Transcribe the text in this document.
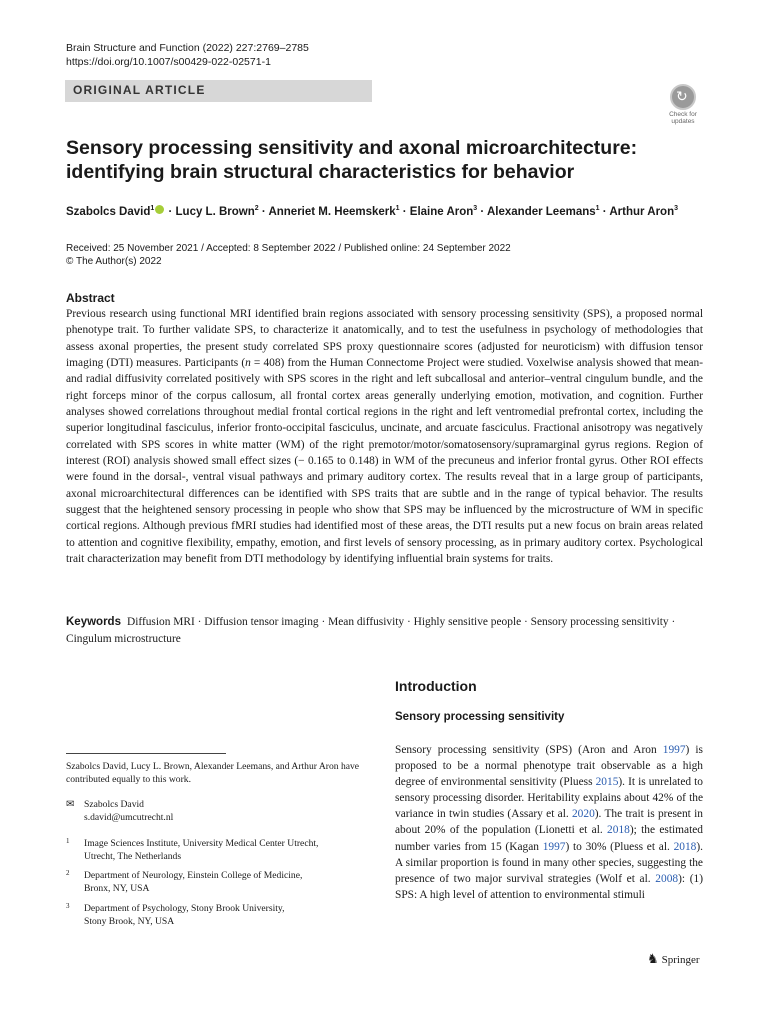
Brain Structure and Function (2022) 227:2769–2785
https://doi.org/10.1007/s00429-022-02571-1
ORIGINAL ARTICLE	↻
Check for
updates
Sensory processing sensitivity and axonal microarchitecture:
identifying brain structural characteristics for behavior
Szabolcs David$^1$ · Lucy L. Brown$^2$ · Anneriet M. Heemskerk$^1$ · Elaine Aron$^3$ · Alexander Leemans$^1$ · Arthur Aron$^3$
Received: 25 November 2021 / Accepted: 8 September 2022 / Published online: 24 September 2022
© The Author(s) 2022
Abstract
Previous research using functional MRI identified brain regions associated with sensory processing sensitivity (SPS), a proposed normal phenotype trait. To further validate SPS, to characterize it anatomically, and to test the usefulness in psychology of methodologies that assess axonal properties, the present study correlated SPS proxy questionnaire scores (adjusted for neuroticism) with diffusion tensor imaging (DTI) measures. Participants (n = 408) from the Human Connectome Project were studied. Voxelwise analysis showed that mean- and radial diffusivity correlated positively with SPS scores in the right and left subcallosal and anterior–ventral cingulum bundle, and the right forceps minor of the corpus callosum, all frontal cortex areas generally underlying emotion, motivation, and cognition. Further analyses showed correlations throughout medial frontal cortical regions in the right and left ventromedial prefrontal cortex, including the superior longitudinal fasciculus, inferior fronto-occipital fasciculus, uncinate, and arcuate fasciculus. Fractional anisotropy was negatively correlated with SPS scores in white matter (WM) of the right premotor/motor/somatosensory/supramarginal gyrus regions. Region of interest (ROI) analysis showed small effect sizes (− 0.165 to 0.148) in WM of the precuneus and inferior frontal gyrus. Other ROI effects were found in the dorsal-, ventral visual pathways and primary auditory cortex. The results reveal that in a large group of participants, axonal microarchitectural differences can be identified with SPS traits that are subtle and in the range of typical behavior. The results suggest that the heightened sensory processing in people who show that SPS may be influenced by the microstructure of WM in specific cortical regions. Although previous fMRI studies had identified most of these areas, the DTI results put a new focus on brain areas related to attention and cognitive flexibility, empathy, emotion, and first levels of sensory processing, as in primary auditory cortex. Psychological trait characterization may benefit from DTI methodology by identifying influential brain systems for traits.
Keywords Diffusion MRI · Diffusion tensor imaging · Mean diffusivity · Highly sensitive people · Sensory processing sensitivity · Cingulum microstructure
Introduction
Sensory processing sensitivity
Sensory processing sensitivity (SPS) (Aron and Aron 1997) is proposed to be a normal phenotype trait observable as a high degree of environmental sensitivity (Pluess 2015). It is unrelated to sensory processing disorder. Heritability explains about 42% of the variance in twin studies (Assary et al. 2020). The trait is present in about 20% of the population (Lionetti et al. 2018); the estimated number varies from 15 (Kagan 1997) to 30% (Pluess et al. 2018). A similar proportion is found in many other species, suggesting the presence of two major survival strategies (Wolf et al. 2008): (1) SPS: A high level of attention to environmental stimuli
Szabolcs David, Lucy L. Brown, Alexander Leemans, and Arthur Aron have contributed equally to this work.
✉ Szabolcs David
s.david@umcutrecht.nl
1 Image Sciences Institute, University Medical Center Utrecht,
Utrecht, The Netherlands
2 Department of Neurology, Einstein College of Medicine,
Bronx, NY, USA
3 Department of Psychology, Stony Brook University,
Stony Brook, NY, USA
♞ Springer
